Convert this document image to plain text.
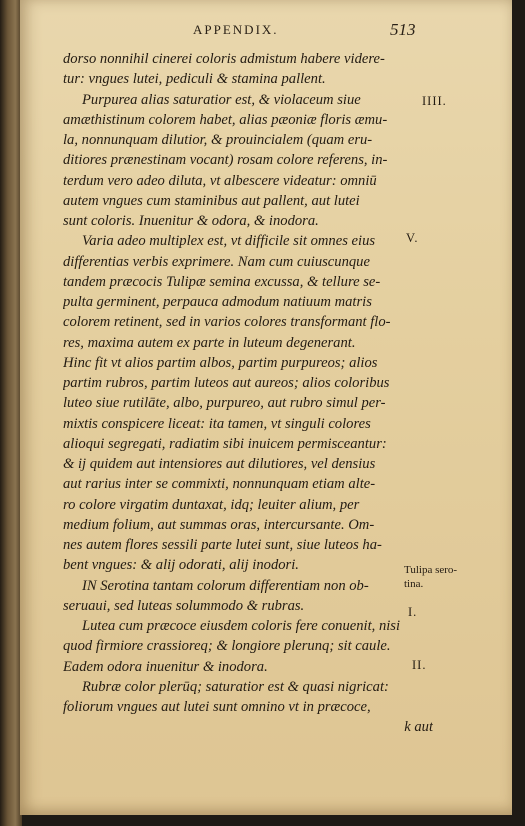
APPENDIX.	513
dorso nonnihil cinerei coloris admistum habere videre-
tur: vngues lutei, pediculi & stamina pallent.
Purpurea alias saturatior est, & violaceum siue
amæthistinum colorem habet, alias pæoniæ floris æmu-
la, nonnunquam dilutior, & prouincialem (quam eru-
ditiores prænestinam vocant) rosam colore referens, in-
terdum vero adeo diluta, vt albescere videatur: omniū
autem vngues cum staminibus aut pallent, aut lutei
sunt coloris. Inuenitur & odora, & inodora.
Varia adeo multiplex est, vt difficile sit omnes eius
differentias verbis exprimere. Nam cum cuiuscunque
tandem præcocis Tulipæ semina excussa, & tellure se-
pulta germinent, perpauca admodum natiuum matris
colorem retinent, sed in varios colores transformant flo-
res, maxima autem ex parte in luteum degenerant.
Hinc fit vt alios partim albos, partim purpureos; alios
partim rubros, partim luteos aut aureos; alios coloribus
luteo siue rutilāte, albo, purpureo, aut rubro simul per-
mixtis conspicere liceat: ita tamen, vt singuli colores
alioqui segregati, radiatim sibi inuicem permisceantur:
& ij quidem aut intensiores aut dilutiores, vel densius
aut rarius inter se commixti, nonnunquam etiam alte-
ro colore virgatim duntaxat, idq; leuiter alium, per
medium folium, aut summas oras, intercursante. Om-
nes autem flores sessili parte lutei sunt, siue luteos ha-
bent vngues: & alij odorati, alij inodori.
IN Serotina tantam colorum differentiam non ob-
seruaui, sed luteas solummodo & rubras.
Lutea cum præcoce eiusdem coloris fere conuenit, nisi
quod firmiore crassioreq; & longiore plerunq; sit caule.
Eadem odora inuenitur & inodora.
Rubræ color plerūq; saturatior est & quasi nigricat:
foliorum vngues aut lutei sunt omnino vt in præcoce,
k aut
IIII.
V.
Tulipa sero-
tina.
I.
II.
